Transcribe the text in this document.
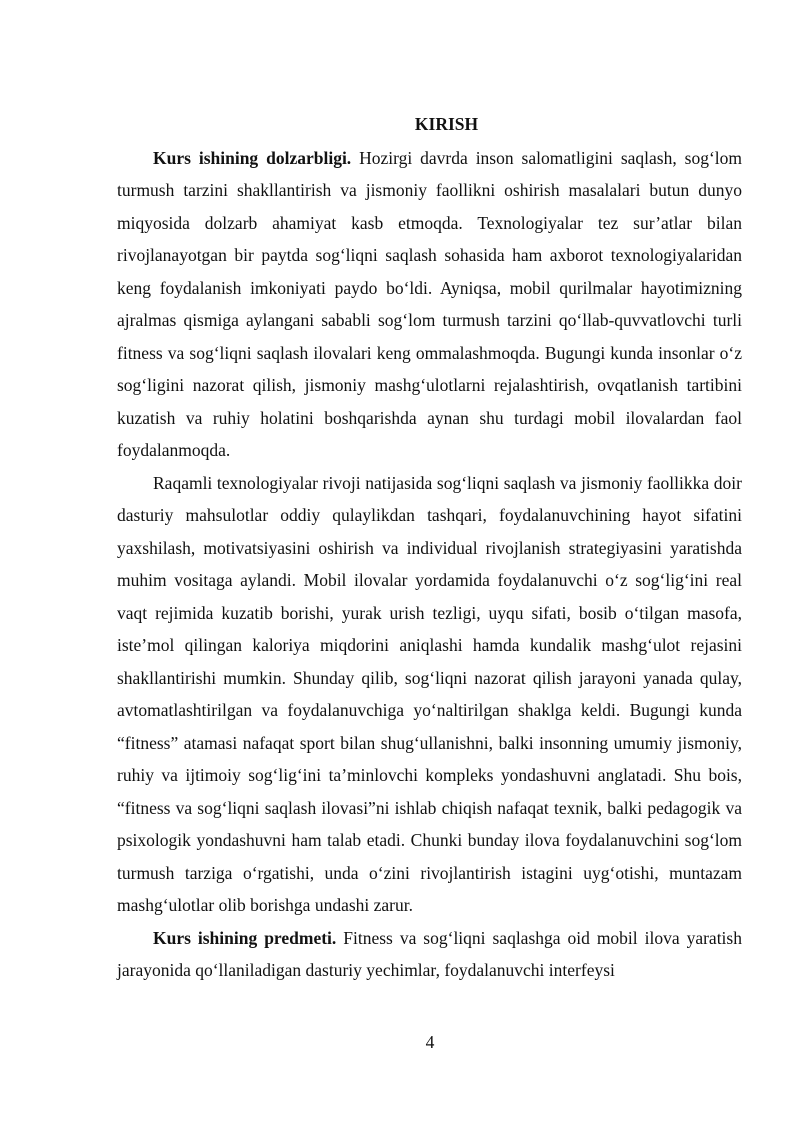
KIRISH

Kurs ishining dolzarbligi. Hozirgi davrda inson salomatligini saqlash, sog‘lom turmush tarzini shakllantirish va jismoniy faollikni oshirish masalalari butun dunyo miqyosida dolzarb ahamiyat kasb etmoqda. Texnologiyalar tez sur’atlar bilan rivojlanayotgan bir paytda sog‘liqni saqlash sohasida ham axborot texnologiyalaridan keng foydalanish imkoniyati paydo bo‘ldi. Ayniqsa, mobil qurilmalar hayotimizning ajralmas qismiga aylangani sababli sog‘lom turmush tarzini qo‘llab-quvvatlovchi turli fitness va sog‘liqni saqlash ilovalari keng ommalashmoqda. Bugungi kunda insonlar o‘z sog‘ligini nazorat qilish, jismoniy mashg‘ulotlarni rejalashtirish, ovqatlanish tartibini kuzatish va ruhiy holatini boshqarishda aynan shu turdagi mobil ilovalardan faol foydalanmoqda.

Raqamli texnologiyalar rivoji natijasida sog‘liqni saqlash va jismoniy faollikka doir dasturiy mahsulotlar oddiy qulaylikdan tashqari, foydalanuvchining hayot sifatini yaxshilash, motivatsiyasini oshirish va individual rivojlanish strategiyasini yaratishda muhim vositaga aylandi. Mobil ilovalar yordamida foydalanuvchi o‘z sog‘lig‘ini real vaqt rejimida kuzatib borishi, yurak urish tezligi, uyqu sifati, bosib o‘tilgan masofa, iste’mol qilingan kaloriya miqdorini aniqlashi hamda kundalik mashg‘ulot rejasini shakllantirishi mumkin. Shunday qilib, sog‘liqni nazorat qilish jarayoni yanada qulay, avtomatlashtirilgan va foydalanuvchiga yo‘naltirilgan shaklga keldi. Bugungi kunda “fitness” atamasi nafaqat sport bilan shug‘ullanishni, balki insonning umumiy jismoniy, ruhiy va ijtimoiy sog‘lig‘ini ta’minlovchi kompleks yondashuvni anglatadi. Shu bois, “fitness va sog‘liqni saqlash ilovasi”ni ishlab chiqish nafaqat texnik, balki pedagogik va psixologik yondashuvni ham talab etadi. Chunki bunday ilova foydalanuvchini sog‘lom turmush tarziga o‘rgatishi, unda o‘zini rivojlantirish istagini uyg‘otishi, muntazam mashg‘ulotlar olib borishga undashi zarur.

Kurs ishining predmeti. Fitness va sog‘liqni saqlashga oid mobil ilova yaratish jarayonida qo‘llaniladigan dasturiy yechimlar, foydalanuvchi interfeysi

4
